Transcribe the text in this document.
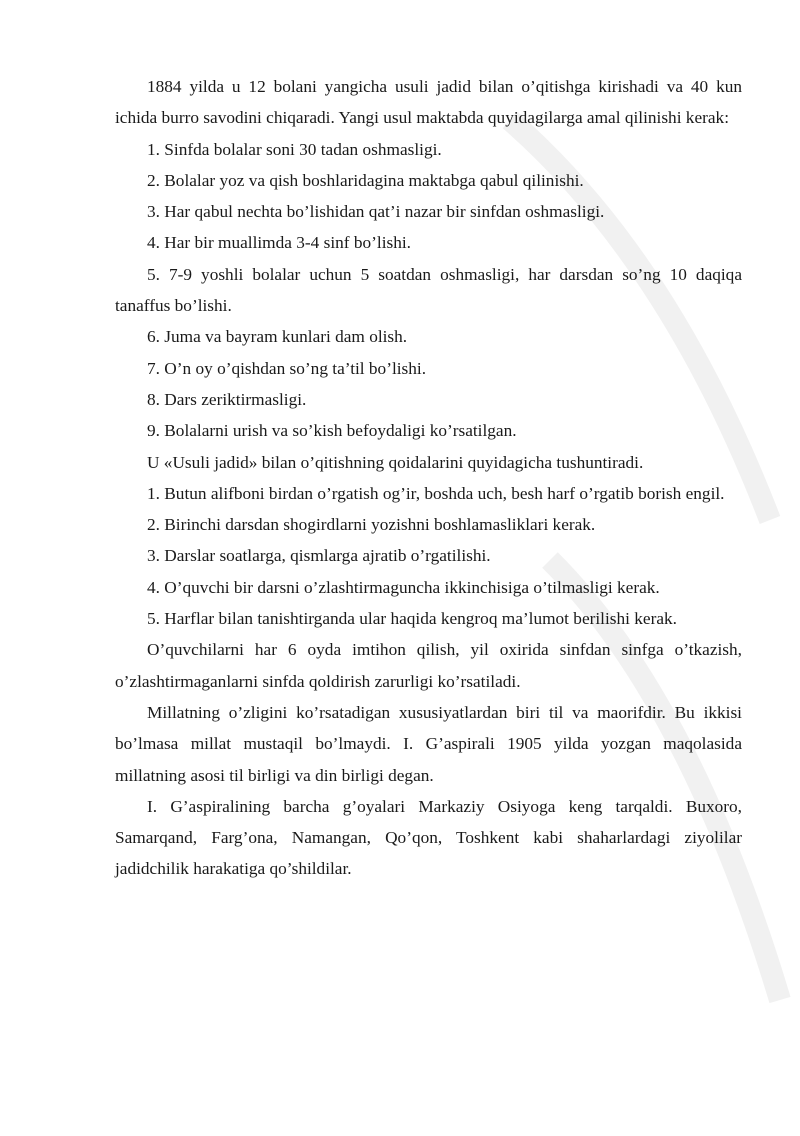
1884 yilda u 12 bolani yangicha usuli jadid bilan o’qitishga kirishadi va 40 kun ichida burro savodini chiqaradi. Yangi usul maktabda quyidagilarga amal qilinishi kerak:

1. Sinfda bolalar soni 30 tadan oshmasligi.

2. Bolalar yoz va qish boshlaridagina maktabga qabul qilinishi.

3. Har qabul nechta bo’lishidan qat’i nazar bir sinfdan oshmasligi.

4. Har bir muallimda 3-4 sinf bo’lishi.

5. 7-9 yoshli bolalar uchun 5 soatdan oshmasligi, har darsdan so’ng 10 daqiqa tanaffus bo’lishi.

6. Juma va bayram kunlari dam olish.

7. O’n oy o’qishdan so’ng ta’til bo’lishi.

8. Dars zeriktirmasligi.

9. Bolalarni urish va so’kish befoydaligi ko’rsatilgan.

U «Usuli jadid» bilan o’qitishning qoidalarini quyidagicha tushuntiradi.

1. Butun alifboni birdan o’rgatish og’ir, boshda uch, besh harf o’rgatib borish engil.

2. Birinchi darsdan shogirdlarni yozishni boshlamasliklari kerak.

3. Darslar soatlarga, qismlarga ajratib o’rgatilishi.

4. O’quvchi bir darsni o’zlashtirmaguncha ikkinchisiga o’tilmasligi kerak.

5. Harflar bilan tanishtirganda ular haqida kengroq ma’lumot berilishi kerak.

O’quvchilarni har 6 oyda imtihon qilish, yil oxirida sinfdan sinfga o’tkazish, o’zlashtirmaganlarni sinfda qoldirish zarurligi ko’rsatiladi.

Millatning o’zligini ko’rsatadigan xususiyatlardan biri til va maorifdir. Bu ikkisi bo’lmasa millat mustaqil bo’lmaydi. I. G’aspirali 1905 yilda yozgan maqolasida millatning asosi til birligi va din birligi degan.

I. G’aspiralining barcha g’oyalari Markaziy Osiyoga keng tarqaldi. Buxoro, Samarqand, Farg’ona, Namangan, Qo’qon, Toshkent kabi shaharlardagi ziyolilar jadidchilik harakatiga qo’shildilar.
